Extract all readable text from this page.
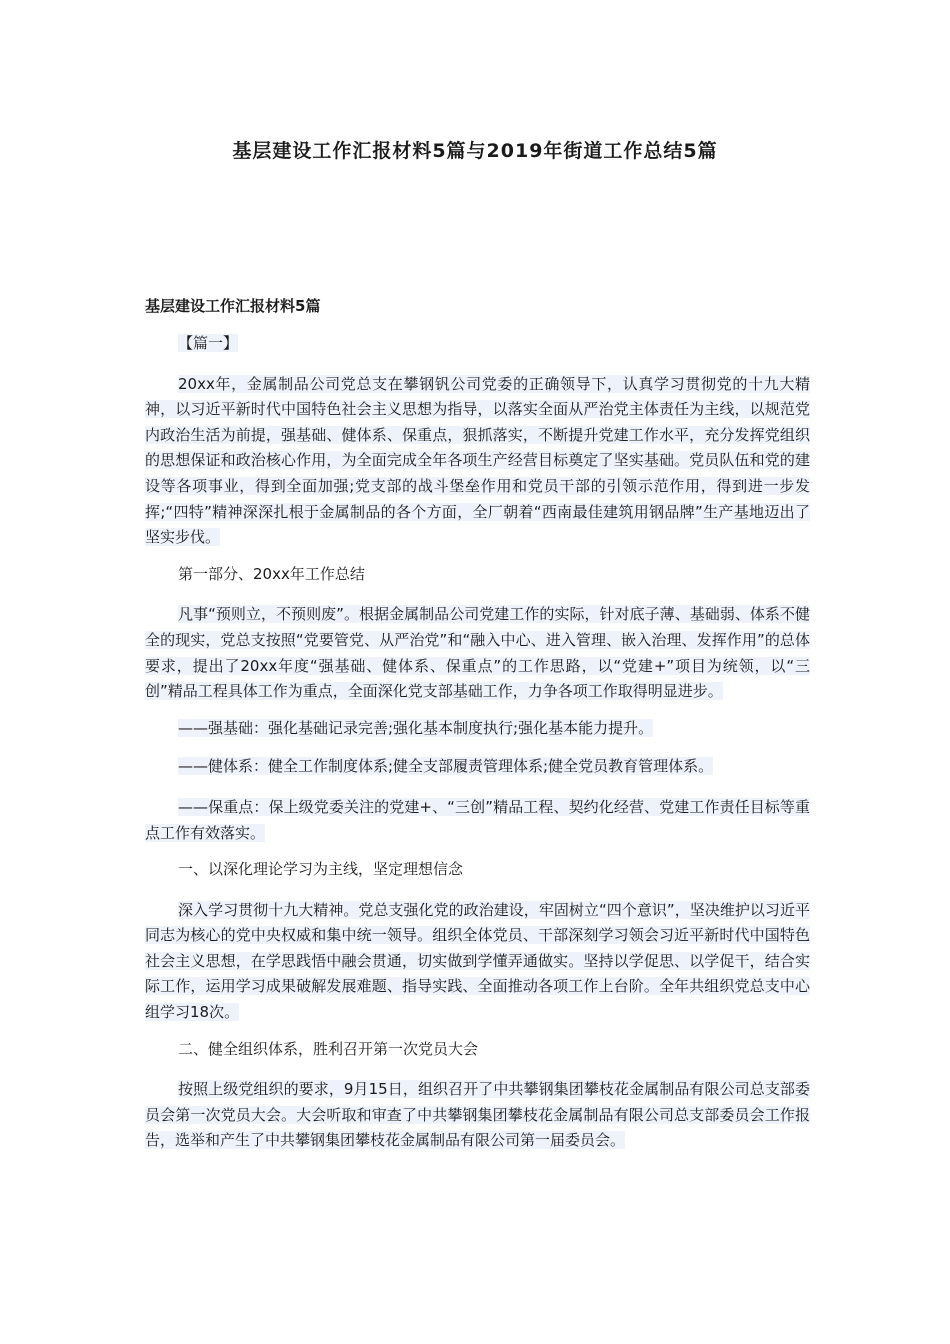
基层建设工作汇报材料5篇与2019年街道工作总结5篇
基层建设工作汇报材料5篇

【篇一】

20xx年，金属制品公司党总支在攀钢钒公司党委的正确领导下，认真学习贯彻党的十九大精神，以习近平新时代中国特色社会主义思想为指导，以落实全面从严治党主体责任为主线，以规范党内政治生活为前提，强基础、健体系、保重点，狠抓落实，不断提升党建工作水平，充分发挥党组织的思想保证和政治核心作用，为全面完成全年各项生产经营目标奠定了坚实基础。党员队伍和党的建设等各项事业，得到全面加强;党支部的战斗堡垒作用和党员干部的引领示范作用，得到进一步发挥;“四特”精神深深扎根于金属制品的各个方面，全厂朝着“西南最佳建筑用钢品牌”生产基地迈出了坚实步伐。

第一部分、20xx年工作总结

凡事“预则立，不预则废”。根据金属制品公司党建工作的实际，针对底子薄、基础弱、体系不健全的现实，党总支按照“党要管党、从严治党”和“融入中心、进入管理、嵌入治理、发挥作用”的总体要求，提出了20xx年度“强基础、健体系、保重点”的工作思路，以“党建+”项目为统领，以“三创”精品工程具体工作为重点，全面深化党支部基础工作，力争各项工作取得明显进步。

——强基础：强化基础记录完善;强化基本制度执行;强化基本能力提升。

——健体系：健全工作制度体系;健全支部履责管理体系;健全党员教育管理体系。

——保重点：保上级党委关注的党建+、“三创”精品工程、契约化经营、党建工作责任目标等重点工作有效落实。

一、以深化理论学习为主线，坚定理想信念

深入学习贯彻十九大精神。党总支强化党的政治建设，牢固树立“四个意识”，坚决维护以习近平同志为核心的党中央权威和集中统一领导。组织全体党员、干部深刻学习领会习近平新时代中国特色社会主义思想，在学思践悟中融会贯通，切实做到学懂弄通做实。坚持以学促思、以学促干，结合实际工作，运用学习成果破解发展难题、指导实践、全面推动各项工作上台阶。全年共组织党总支中心组学习18次。

二、健全组织体系，胜利召开第一次党员大会

按照上级党组织的要求，9月15日，组织召开了中共攀钢集团攀枝花金属制品有限公司总支部委员会第一次党员大会。大会听取和审查了中共攀钢集团攀枝花金属制品有限公司总支部委员会工作报告，选举和产生了中共攀钢集团攀枝花金属制品有限公司第一届委员会。
